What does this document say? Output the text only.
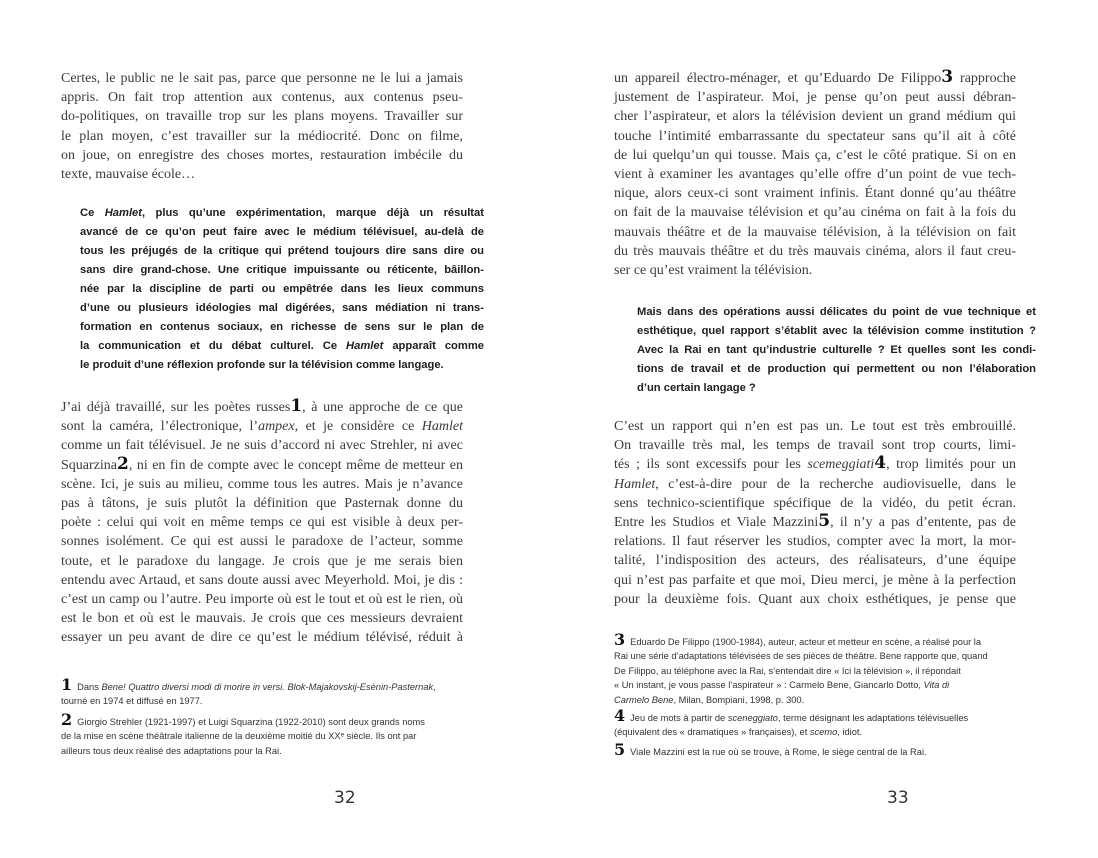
Certes, le public ne le sait pas, parce que personne ne le lui a jamais
appris. On fait trop attention aux contenus, aux contenus pseu-
do-politiques, on travaille trop sur les plans moyens. Travailler sur
le plan moyen, c’est travailler sur la médiocrité. Donc on filme,
on joue, on enregistre des choses mortes, restauration imbécile du
texte, mauvaise école…
Ce Hamlet, plus qu’une expérimentation, marque déjà un résultat
avancé de ce qu’on peut faire avec le médium télévisuel, au-delà de
tous les préjugés de la critique qui prétend toujours dire sans dire ou
sans dire grand-chose. Une critique impuissante ou réticente, bâillon-
née par la discipline de parti ou empêtrée dans les lieux communs
d’une ou plusieurs idéologies mal digérées, sans médiation ni trans-
formation en contenus sociaux, en richesse de sens sur le plan de
la communication et du débat culturel. Ce Hamlet apparaît comme
le produit d’une réflexion profonde sur la télévision comme langage.
J’ai déjà travaillé, sur les poètes russes1, à une approche de ce que
sont la caméra, l’électronique, l’ampex, et je considère ce Hamlet
comme un fait télévisuel. Je ne suis d’accord ni avec Strehler, ni avec
Squarzina2, ni en fin de compte avec le concept même de metteur en
scène. Ici, je suis au milieu, comme tous les autres. Mais je n’avance
pas à tâtons, je suis plutôt la définition que Pasternak donne du
poète : celui qui voit en même temps ce qui est visible à deux per-
sonnes isolément. Ce qui est aussi le paradoxe de l’acteur, somme
toute, et le paradoxe du langage. Je crois que je me serais bien
entendu avec Artaud, et sans doute aussi avec Meyerhold. Moi, je dis :
c’est un camp ou l’autre. Peu importe où est le tout et où est le rien, où
est le bon et où est le mauvais. Je crois que ces messieurs devraient
essayer un peu avant de dire ce qu’est le médium télévisé, réduit à
1 Dans Bene! Quattro diversi modi di morire in versi. Blok-Majakovskij-Esènin-Pasternak,
tourné en 1974 et diffusé en 1977.
2 Giorgio Strehler (1921-1997) et Luigi Squarzina (1922-2010) sont deux grands noms
de la mise en scène théâtrale italienne de la deuxième moitié du XXᵉ siècle. Ils ont par
ailleurs tous deux réalisé des adaptations pour la Rai.
32
un appareil électro-ménager, et qu’Eduardo De Filippo3 rapproche
justement de l’aspirateur. Moi, je pense qu’on peut aussi débran-
cher l’aspirateur, et alors la télévision devient un grand médium qui
touche l’intimité embarrassante du spectateur sans qu’il ait à côté
de lui quelqu’un qui tousse. Mais ça, c’est le côté pratique. Si on en
vient à examiner les avantages qu’elle offre d’un point de vue tech-
nique, alors ceux-ci sont vraiment infinis. Étant donné qu’au théâtre
on fait de la mauvaise télévision et qu’au cinéma on fait à la fois du
mauvais théâtre et de la mauvaise télévision, à la télévision on fait
du très mauvais théâtre et du très mauvais cinéma, alors il faut creu-
ser ce qu’est vraiment la télévision.
Mais dans des opérations aussi délicates du point de vue technique et
esthétique, quel rapport s’établit avec la télévision comme institution ?
Avec la Rai en tant qu’industrie culturelle ? Et quelles sont les condi-
tions de travail et de production qui permettent ou non l’élaboration
d’un certain langage ?
C’est un rapport qui n’en est pas un. Le tout est très embrouillé.
On travaille très mal, les temps de travail sont trop courts, limi-
tés ; ils sont excessifs pour les scemeggiati4, trop limités pour un
Hamlet, c’est-à-dire pour de la recherche audiovisuelle, dans le
sens technico-scientifique spécifique de la vidéo, du petit écran.
Entre les Studios et Viale Mazzini5, il n’y a pas d’entente, pas de
relations. Il faut réserver les studios, compter avec la mort, la mor-
talité, l’indisposition des acteurs, des réalisateurs, d’une équipe
qui n’est pas parfaite et que moi, Dieu merci, je mène à la perfection
pour la deuxième fois. Quant aux choix esthétiques, je pense que
3 Eduardo De Filippo (1900-1984), auteur, acteur et metteur en scène, a réalisé pour la
Rai une série d’adaptations télévisées de ses pièces de théâtre. Bene rapporte que, quand
De Filippo, au téléphone avec la Rai, s’entendait dire « Ici la télévision », il répondait
« Un instant, je vous passe l’aspirateur » : Carmelo Bene, Giancarlo Dotto, Vita di
Carmelo Bene, Milan, Bompiani, 1998, p. 300.
4 Jeu de mots à partir de sceneggiato, terme désignant les adaptations télévisuelles
(équivalent des « dramatiques » françaises), et scemo, idiot.
5 Viale Mazzini est la rue où se trouve, à Rome, le siège central de la Rai.
33
